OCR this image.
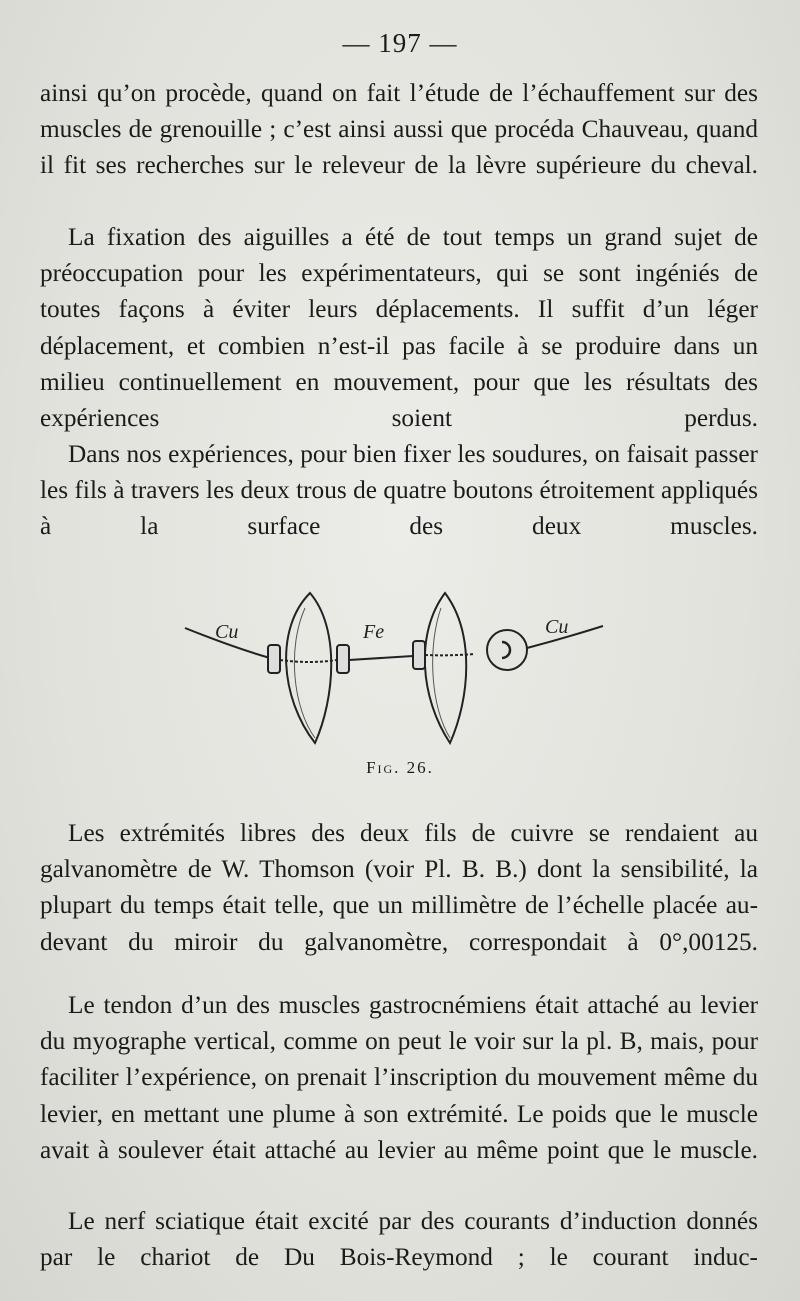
— 197 —

ainsi qu’on procède, quand on fait l’étude de l’échauffement sur des muscles de grenouille ; c’est ainsi aussi que procéda Chauveau, quand il fit ses recherches sur le releveur de la lèvre supérieure du cheval.

La fixation des aiguilles a été de tout temps un grand sujet de préoccupation pour les expérimentateurs, qui se sont ingéniés de toutes façons à éviter leurs déplacements. Il suffit d’un léger déplacement, et combien n’est-il pas facile à se produire dans un milieu continuellement en mouvement, pour que les résultats des expériences soient perdus.

Dans nos expériences, pour bien fixer les soudures, on faisait passer les fils à travers les deux trous de quatre boutons étroitement appliqués à la surface des deux muscles.

Cu	Fe	Cu
Fig. 26.

Les extrémités libres des deux fils de cuivre se rendaient au galvanomètre de W. Thomson (voir Pl. B. B.) dont la sensibilité, la plupart du temps était telle, que un millimètre de l’échelle placée au-devant du miroir du galvanomètre, correspondait à 0°,00125.

Le tendon d’un des muscles gastrocnémiens était attaché au levier du myographe vertical, comme on peut le voir sur la pl. B, mais, pour faciliter l’expérience, on prenait l’inscription du mouvement même du levier, en mettant une plume à son extrémité. Le poids que le muscle avait à soulever était attaché au levier au même point que le muscle.

Le nerf sciatique était excité par des courants d’induction donnés par le chariot de Du Bois-Reymond ; le courant induc-
